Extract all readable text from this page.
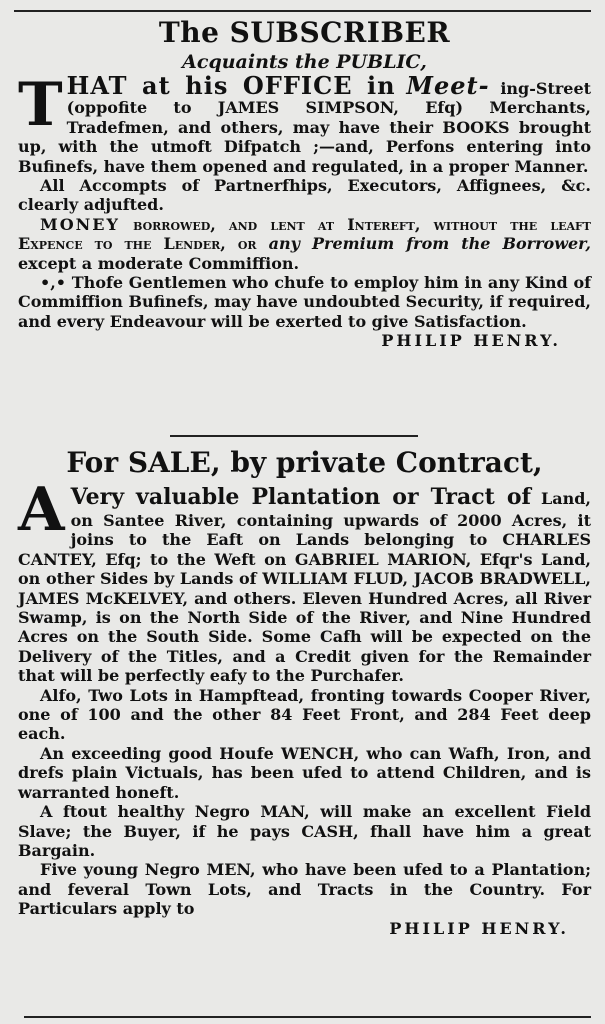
The SUBSCRIBER
Acquaints the PUBLIC,

T HAT at his OFFICE in Meet- ing-Street (oppofite to JAMES SIMPSON, Efq) Merchants, Tradefmen, and others, may have their BOOKS brought up, with the utmoft Difpatch ;—and, Perfons entering into Bufinefs, have them opened and regulated, in a proper Manner.

All Accompts of Partnerfhips, Executors, Affignees, &c. clearly adjufted.

MONEY borrowed, and lent at Intereft, without the leaft Expence to the Lender, or any Premium from the Borrower, except a moderate Commiffion.

•,• Thofe Gentlemen who chufe to employ him in any Kind of Commiffion Bufinefs, may have undoubted Security, if required, and every Endeavour will be exerted to give Satisfaction.

PHILIP HENRY.

For SALE, by private Contract,

A Very valuable Plantation or Tract of Land, on Santee River, containing upwards of 2000 Acres, it joins to the Eaft on Lands belonging to CHARLES CANTEY, Efq; to the Weft on GABRIEL MARION, Efqr's Land, on other Sides by Lands of WILLIAM FLUD, JACOB BRADWELL, JAMES McKELVEY, and others. Eleven Hundred Acres, all River Swamp, is on the North Side of the River, and Nine Hundred Acres on the South Side. Some Cafh will be expected on the Delivery of the Titles, and a Credit given for the Remainder that will be perfectly eafy to the Purchafer.

Alfo, Two Lots in Hampftead, fronting towards Cooper River, one of 100 and the other 84 Feet Front, and 284 Feet deep each.

An exceeding good Houfe WENCH, who can Wafh, Iron, and drefs plain Victuals, has been ufed to attend Children, and is warranted honeft.

A ftout healthy Negro MAN, will make an excellent Field Slave; the Buyer, if he pays CASH, fhall have him a great Bargain.

Five young Negro MEN, who have been ufed to a Plantation; and feveral Town Lots, and Tracts in the Country. For Particulars apply to

PHILIP HENRY.
